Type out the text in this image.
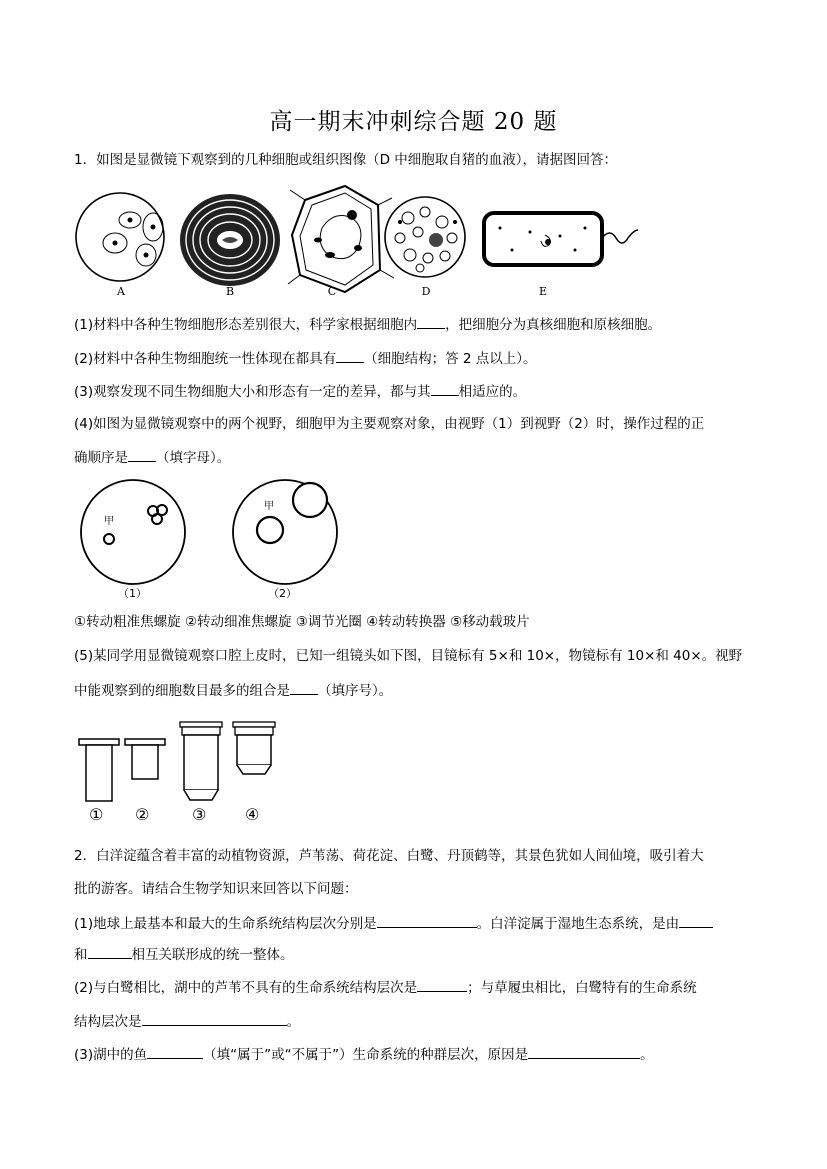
高一期末冲刺综合题 20 题
1．如图是显微镜下观察到的几种细胞或组织图像（D 中细胞取自猪的血液），请据图回答：
A	B	C	D	E
(1)材料中各种生物细胞形态差别很大，科学家根据细胞内 ，把细胞分为真核细胞和原核细胞。
(2)材料中各种生物细胞统一性体现在都具有 （细胞结构；答 2 点以上）。
(3)观察发现不同生物细胞大小和形态有一定的差异，都与其 相适应的。
(4)如图为显微镜观察中的两个视野，细胞甲为主要观察对象，由视野（1）到视野（2）时，操作过程的正
确顺序是 （填字母）。
甲
甲
（1）	（2）
①转动粗准焦螺旋 ②转动细准焦螺旋 ③调节光圈 ④转动转换器 ⑤移动载玻片
(5)某同学用显微镜观察口腔上皮时，已知一组镜头如下图，目镜标有 5×和 10×，物镜标有 10×和 40×。视野
中能观察到的细胞数目最多的组合是 （填序号）。
① ②	③ ④
2．白洋淀蕴含着丰富的动植物资源，芦苇荡、荷花淀、白鹭、丹顶鹤等，其景色犹如人间仙境，吸引着大
批的游客。请结合生物学知识来回答以下问题：
(1)地球上最基本和最大的生命系统结构层次分别是	。白洋淀属于湿地生态系统，是由
和	相互关联形成的统一整体。
(2)与白鹭相比，湖中的芦苇不具有的生命系统结构层次是	；与草履虫相比，白鹭特有的生命系统
结构层次是	。
(3)湖中的鱼	（填“属于”或“不属于”）生命系统的种群层次，原因是	。
